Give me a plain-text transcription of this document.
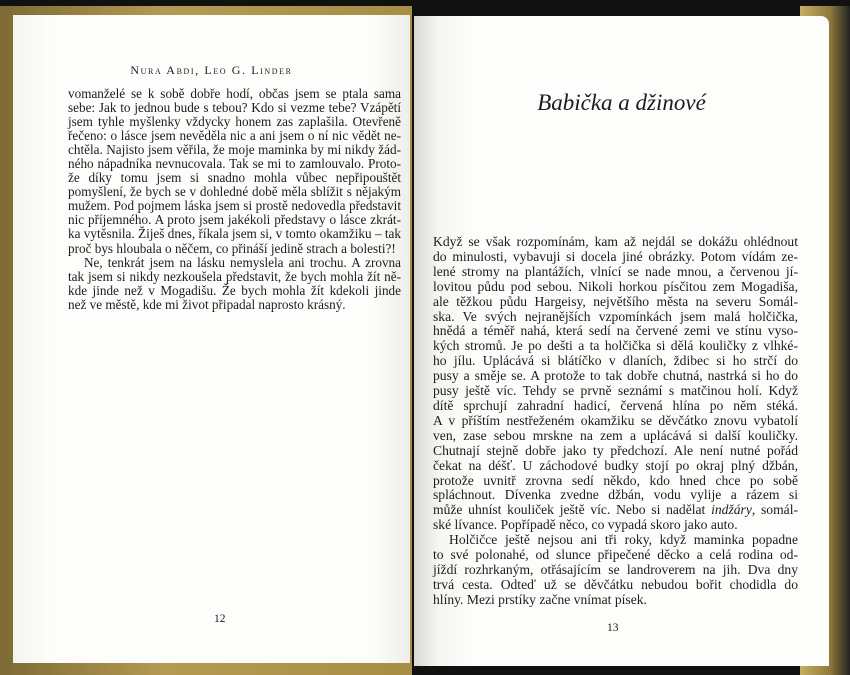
Nura Abdi, Leo G. Linder
vomanželé se k sobě dobře hodí, občas jsem se ptala sama
sebe: Jak to jednou bude s tebou? Kdo si vezme tebe? Vzápětí
jsem tyhle myšlenky vždycky honem zas zaplašila. Otevřeně
řečeno: o lásce jsem nevěděla nic a ani jsem o ní nic vědět ne-
chtěla. Najisto jsem věřila, že moje maminka by mi nikdy žád-
ného nápadníka nevnucovala. Tak se mi to zamlouvalo. Proto-
že díky tomu jsem si snadno mohla vůbec nepřipouštět
pomyšlení, že bych se v dohledné době měla sblížit s nějakým
mužem. Pod pojmem láska jsem si prostě nedovedla představit
nic příjemného. A proto jsem jakékoli představy o lásce zkrát-
ka vytěsnila. Žiješ dnes, říkala jsem si, v tomto okamžiku – tak
proč bys hloubala o něčem, co přináší jedině strach a bolesti?!
Ne, tenkrát jsem na lásku nemyslela ani trochu. A zrovna
tak jsem si nikdy nezkoušela představit, že bych mohla žít ně-
kde jinde než v Mogadišu. Že bych mohla žít kdekoli jinde
než ve městě, kde mi život připadal naprosto krásný.
12
Babička a džinové
Když se však rozpomínám, kam až nejdál se dokážu ohlédnout
do minulosti, vybavuji si docela jiné obrázky. Potom vídám ze-
lené stromy na plantážích, vlnící se nade mnou, a červenou jí-
lovitou půdu pod sebou. Nikoli horkou písčitou zem Mogadiša,
ale těžkou půdu Hargeisy, největšího města na severu Somál-
ska. Ve svých nejranějších vzpomínkách jsem malá holčička,
hnědá a téměř nahá, která sedí na červené zemi ve stínu vyso-
kých stromů. Je po dešti a ta holčička si dělá kouličky z vlhké-
ho jílu. Uplácává si blátíčko v dlaních, ždibec si ho strčí do
pusy a směje se. A protože to tak dobře chutná, nastrká si ho do
pusy ještě víc. Tehdy se prvně seznámí s matčinou holí. Když
dítě sprchují zahradní hadicí, červená hlína po něm stéká.
A v příštím nestřeženém okamžiku se děvčátko znovu vybatolí
ven, zase sebou mrskne na zem a uplácává si další kouličky.
Chutnají stejně dobře jako ty předchozí. Ale není nutné pořád
čekat na déšť. U záchodové budky stojí po okraj plný džbán,
protože uvnitř zrovna sedí někdo, kdo hned chce po sobě
spláchnout. Dívenka zvedne džbán, vodu vylije a rázem si
může uhníst kouliček ještě víc. Nebo si nadělat indžáry, somál-
ské lívance. Popřípadě něco, co vypadá skoro jako auto.
Holčičce ještě nejsou ani tři roky, když maminka popadne
to své polonahé, od slunce připečené děcko a celá rodina od-
jíždí rozhrkaným, otřásajícím se landroverem na jih. Dva dny
trvá cesta. Odteď už se děvčátku nebudou bořit chodidla do
hlíny. Mezi prstíky začne vnímat písek.
13
